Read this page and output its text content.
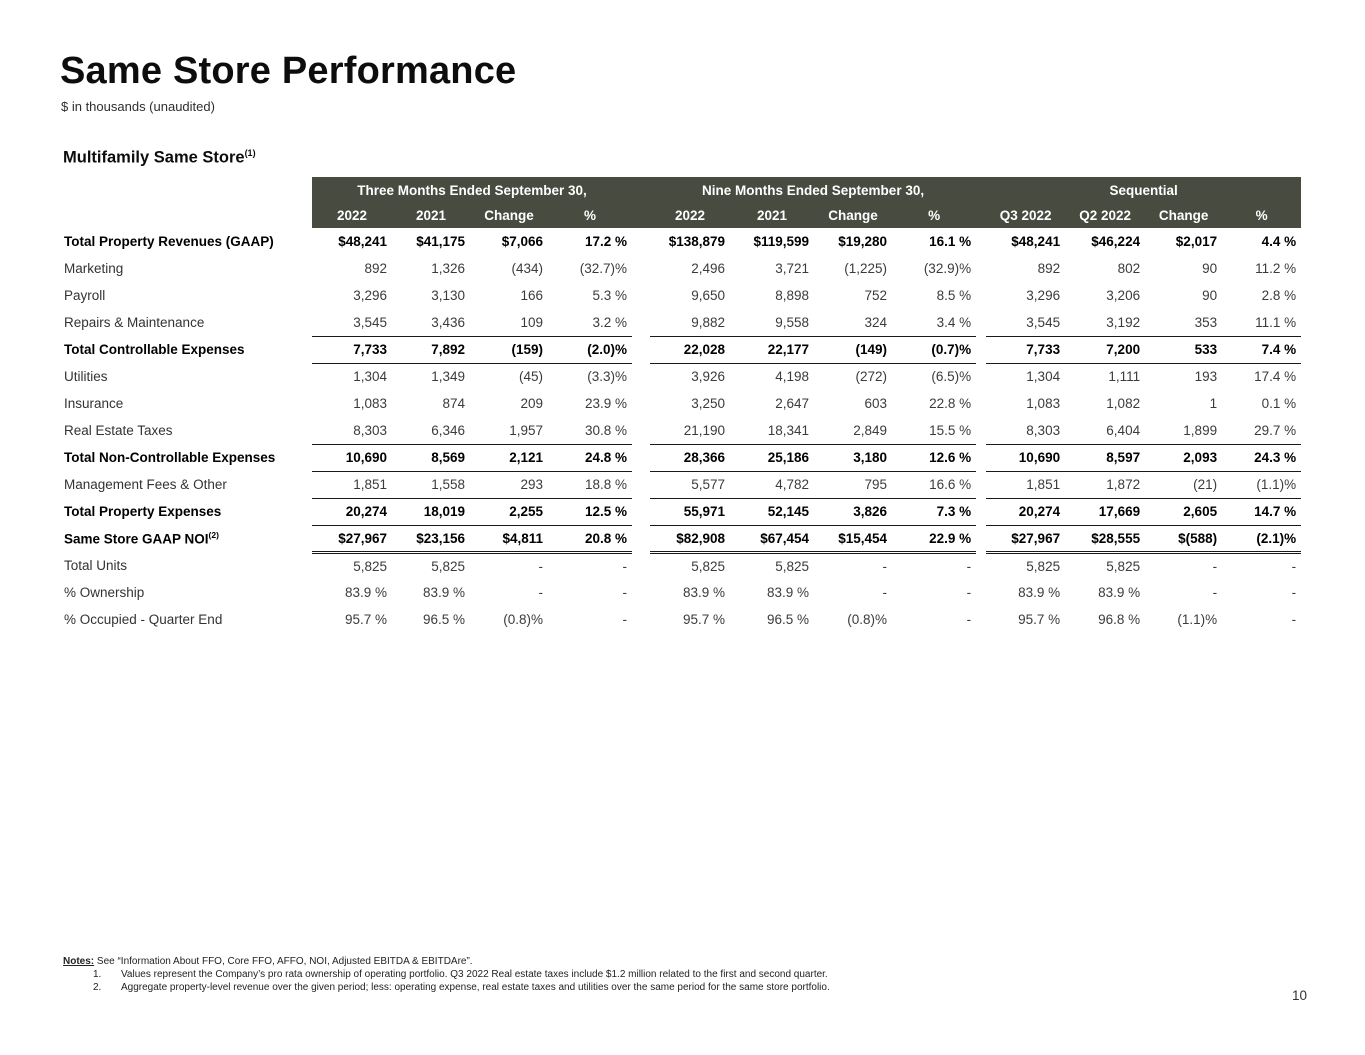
Same Store Performance
$ in thousands (unaudited)
Multifamily Same Store$^{(1)}$
	Three Months Ended September 30,					Nine Months Ended September 30,					Sequential			
	2022	2021	Change	%		2022	2021	Change	%		Q3 2022	Q2 2022	Change	%
Total Property Revenues (GAAP)	$48,241	$41,175	$7,066	17.2 %		$138,879	$119,599	$19,280	16.1 %		$48,241	$46,224	$2,017	4.4 %
Marketing	892	1,326	(434)	(32.7)%		2,496	3,721	(1,225)	(32.9)%		892	802	90	11.2 %
Payroll	3,296	3,130	166	5.3 %		9,650	8,898	752	8.5 %		3,296	3,206	90	2.8 %
Repairs & Maintenance	3,545	3,436	109	3.2 %		9,882	9,558	324	3.4 %		3,545	3,192	353	11.1 %
Total Controllable Expenses	7,733	7,892	(159)	(2.0)%		22,028	22,177	(149)	(0.7)%		7,733	7,200	533	7.4 %
Utilities	1,304	1,349	(45)	(3.3)%		3,926	4,198	(272)	(6.5)%		1,304	1,111	193	17.4 %
Insurance	1,083	874	209	23.9 %		3,250	2,647	603	22.8 %		1,083	1,082	1	0.1 %
Real Estate Taxes	8,303	6,346	1,957	30.8 %		21,190	18,341	2,849	15.5 %		8,303	6,404	1,899	29.7 %
Total Non-Controllable Expenses	10,690	8,569	2,121	24.8 %		28,366	25,186	3,180	12.6 %		10,690	8,597	2,093	24.3 %
Management Fees & Other	1,851	1,558	293	18.8 %		5,577	4,782	795	16.6 %		1,851	1,872	(21)	(1.1)%
Total Property Expenses	20,274	18,019	2,255	12.5 %		55,971	52,145	3,826	7.3 %		20,274	17,669	2,605	14.7 %
Same Store GAAP NOI$^{(2)}$	$27,967	$23,156	$4,811	20.8 %		$82,908	$67,454	$15,454	22.9 %		$27,967	$28,555	$(588)	(2.1)%
Total Units	5,825	5,825	-	-		5,825	5,825	-	-		5,825	5,825	-	-
% Ownership	83.9 %	83.9 %	-	-		83.9 %	83.9 %	-	-		83.9 %	83.9 %	-	-
% Occupied - Quarter End	95.7 %	96.5 %	(0.8)%	-		95.7 %	96.5 %	(0.8)%	-		95.7 %	96.8 %	(1.1)%	-
Notes: See “Information About FFO, Core FFO, AFFO, NOI, Adjusted EBITDA & EBITDAre”.
1.	Values represent the Company’s pro rata ownership of operating portfolio. Q3 2022 Real estate taxes include $1.2 million related to the first and second quarter.
2.	Aggregate property-level revenue over the given period; less: operating expense, real estate taxes and utilities over the same period for the same store portfolio.
10
